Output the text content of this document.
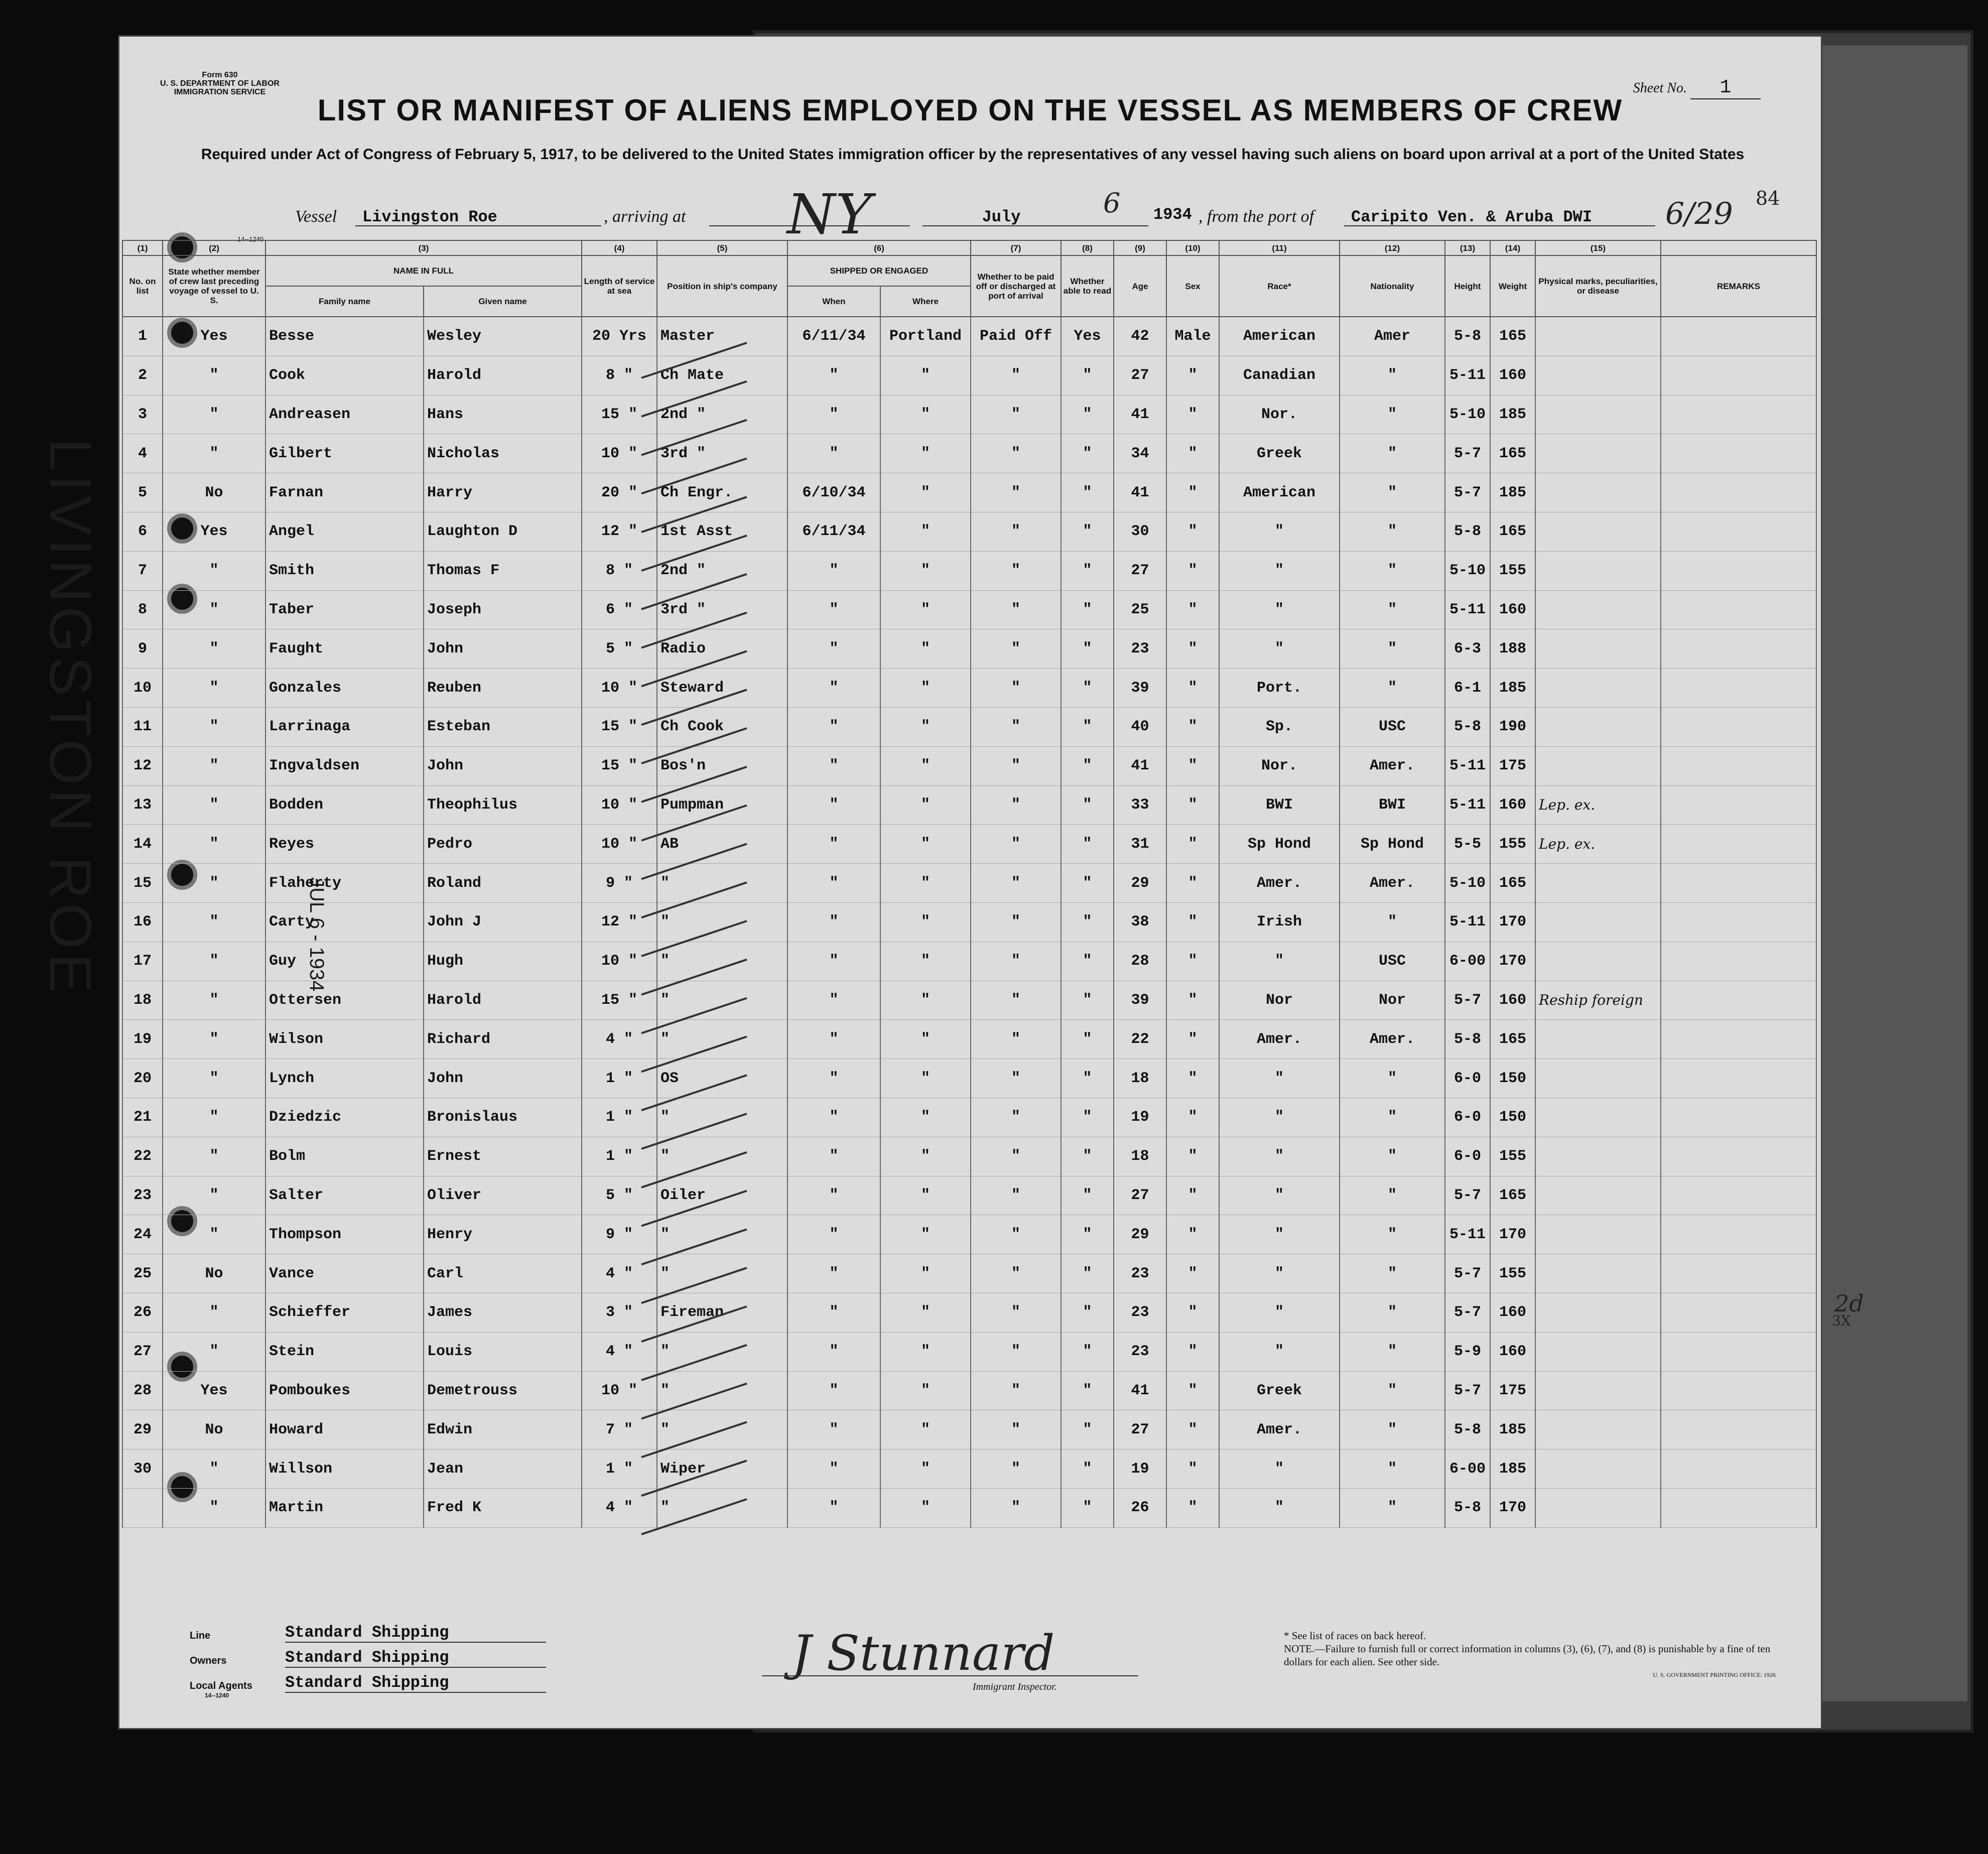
LIVINGSTON ROE	JUL 6 - 1934
Form 630
U. S. DEPARTMENT OF LABOR
IMMIGRATION SERVICE	Sheet No. 1
LIST OR MANIFEST OF ALIENS EMPLOYED ON THE VESSEL AS MEMBERS OF CREW
Required under Act of Congress of February 5, 1917, to be delivered to the United States immigration officer by the representatives of any vessel having such aliens on board upon arrival at a port of the United States
Vessel	Livingston Roe	, arriving at NY	July	6 1934 , from the port of	Caripito Ven. & Aruba DWI	6/29 84
14--1240
(1)	(2)	(3)		(4)	(5)	(6)		(7)	(8)	(9)	(10)	(11)	(12)	(13)	(14)	(15)	
No. on list	State whether member of crew last preceding voyage of vessel to U. S.	NAME IN FULL		Length of service at sea	Position in ship's company	SHIPPED OR ENGAGED		Whether to be paid off or discharged at port of arrival	Whether able to read	Age	Sex	Race*	Nationality	Height	Weight	Physical marks, peculiarities, or disease	REMARKS
		Family name	Given name			When	Where										
1	Yes	Besse	Wesley	20 Yrs	Master	6/11/34	Portland	Paid Off	Yes	42	Male	American	Amer	5-8	165		
2	"	Cook	Harold	8 "	Ch Mate	"	"	"	"	27	"	Canadian	"	5-11	160		
3	"	Andreasen	Hans	15 "	2nd "	"	"	"	"	41	"	Nor.	"	5-10	185		
4	"	Gilbert	Nicholas	10 "	3rd "	"	"	"	"	34	"	Greek	"	5-7	165		
5	No	Farnan	Harry	20 "	Ch Engr.	6/10/34	"	"	"	41	"	American	"	5-7	185		
6	Yes	Angel	Laughton D	12 "	1st Asst	6/11/34	"	"	"	30	"	"	"	5-8	165		
7	"	Smith	Thomas F	8 "	2nd "	"	"	"	"	27	"	"	"	5-10	155		
8	"	Taber	Joseph	6 "	3rd "	"	"	"	"	25	"	"	"	5-11	160		
9	"	Faught	John	5 "	Radio	"	"	"	"	23	"	"	"	6-3	188		
10	"	Gonzales	Reuben	10 "	Steward	"	"	"	"	39	"	Port.	"	6-1	185		
11	"	Larrinaga	Esteban	15 "	Ch Cook	"	"	"	"	40	"	Sp.	USC	5-8	190		
12	"	Ingvaldsen	John	15 "	Bos'n	"	"	"	"	41	"	Nor.	Amer.	5-11	175		
13	"	Bodden	Theophilus	10 "	Pumpman	"	"	"	"	33	"	BWI	BWI	5-11	160	Lep. ex.	
14	"	Reyes	Pedro	10 "	AB	"	"	"	"	31	"	Sp Hond	Sp Hond	5-5	155	Lep. ex.	
15	"	Flaherty	Roland	9 "	"	"	"	"	"	29	"	Amer.	Amer.	5-10	165		
16	"	Carty	John J	12 "	"	"	"	"	"	38	"	Irish	"	5-11	170		
17	"	Guy	Hugh	10 "	"	"	"	"	"	28	"	"	USC	6-00	170		
18	"	Ottersen	Harold	15 "	"	"	"	"	"	39	"	Nor	Nor	5-7	160	Reship foreign	
19	"	Wilson	Richard	4 "	"	"	"	"	"	22	"	Amer.	Amer.	5-8	165		
20	"	Lynch	John	1 "	OS	"	"	"	"	18	"	"	"	6-0	150		
21	"	Dziedzic	Bronislaus	1 "	"	"	"	"	"	19	"	"	"	6-0	150		
22	"	Bolm	Ernest	1 "	"	"	"	"	"	18	"	"	"	6-0	155		
23	"	Salter	Oliver	5 "	Oiler	"	"	"	"	27	"	"	"	5-7	165		
24	"	Thompson	Henry	9 "	"	"	"	"	"	29	"	"	"	5-11	170		
25	No	Vance	Carl	4 "	"	"	"	"	"	23	"	"	"	5-7	155		
26	"	Schieffer	James	3 "	Fireman	"	"	"	"	23	"	"	"	5-7	160		
27	"	Stein	Louis	4 "	"	"	"	"	"	23	"	"	"	5-9	160		
28	Yes	Pomboukes	Demetrouss	10 "	"	"	"	"	"	41	"	Greek	"	5-7	175		
29	No	Howard	Edwin	7 "	"	"	"	"	"	27	"	Amer.	"	5-8	185		
30	"	Willson	Jean	1 "	Wiper	"	"	"	"	19	"	"	"	6-00	185		
	"	Martin	Fred K	4 "	"	"	"	"	"	26	"	"	"	5-8	170		
Line	Standard Shipping
Owners	Standard Shipping
Local Agents Standard Shipping
14--1240
J Stunnard
Immigrant Inspector.
* See list of races on back hereof.
NOTE.—Failure to furnish full or correct information in columns (3), (6), (7), and (8) is punishable by a fine of ten dollars for each alien. See other side.
U. S. GOVERNMENT PRINTING OFFICE: 1926
2d
3X
